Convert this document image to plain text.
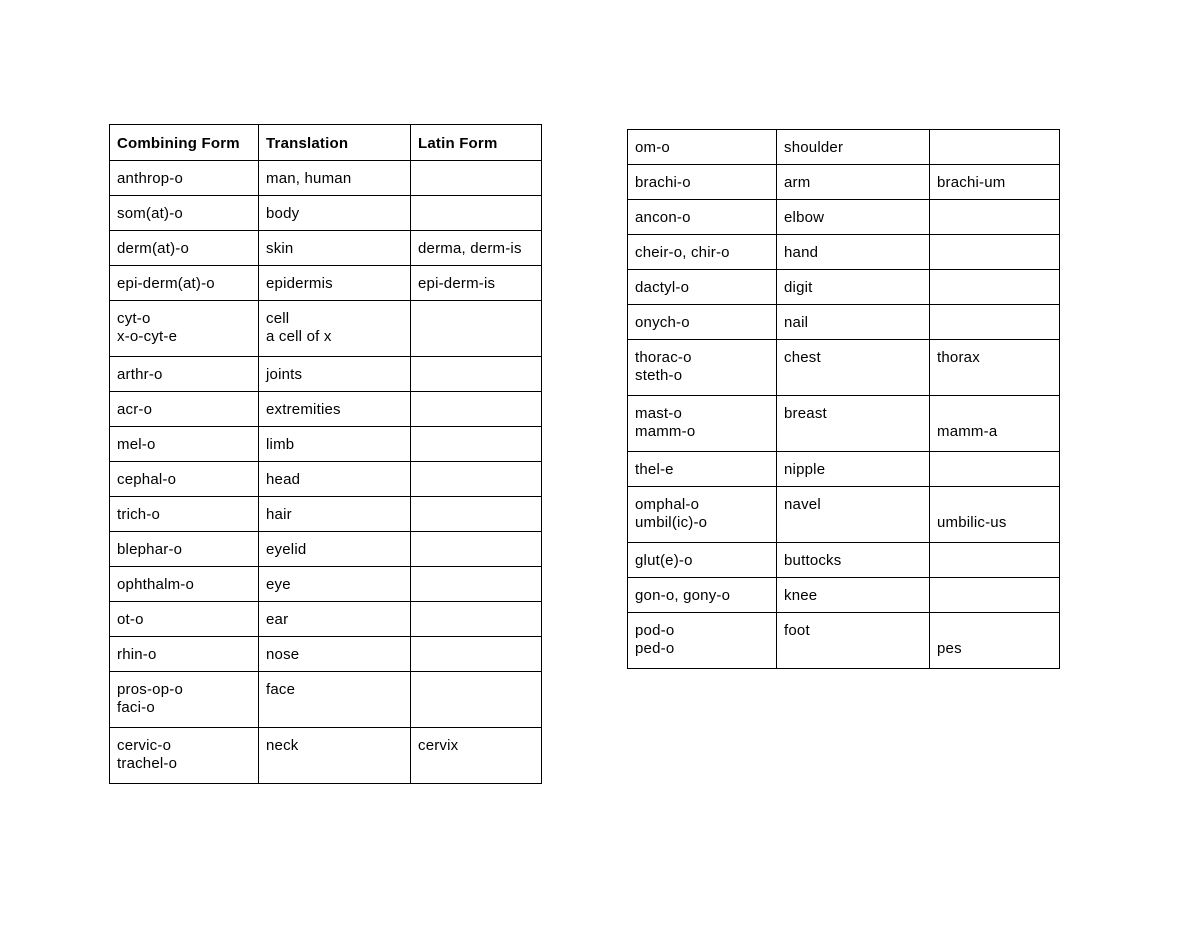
Combining Form	Translation	Latin Form

anthrop-o	man, human	

som(at)-o	body	

derm(at)-o	skin	derma, derm-is

epi-derm(at)-o	epidermis	epi-derm-is

cyt-o
x-o-cyt-e	cell
a cell of x	

arthr-o	joints	

acr-o	extremities	

mel-o	limb	

cephal-o	head	

trich-o	hair	

blephar-o	eyelid	

ophthalm-o	eye	

ot-o	ear	

rhin-o	nose	

pros-op-o
faci-o	face	

cervic-o
trachel-o	neck	cervix
om-o	shoulder	

brachi-o	arm	brachi-um

ancon-o	elbow	

cheir-o, chir-o	hand	

dactyl-o	digit	

onych-o	nail	

thorac-o
steth-o	chest	thorax

mast-o
mamm-o	breast	mamm-a

thel-e	nipple	

omphal-o
umbil(ic)-o	navel	umbilic-us

glut(e)-o	buttocks	

gon-o, gony-o	knee	

pod-o
ped-o	foot	pes
